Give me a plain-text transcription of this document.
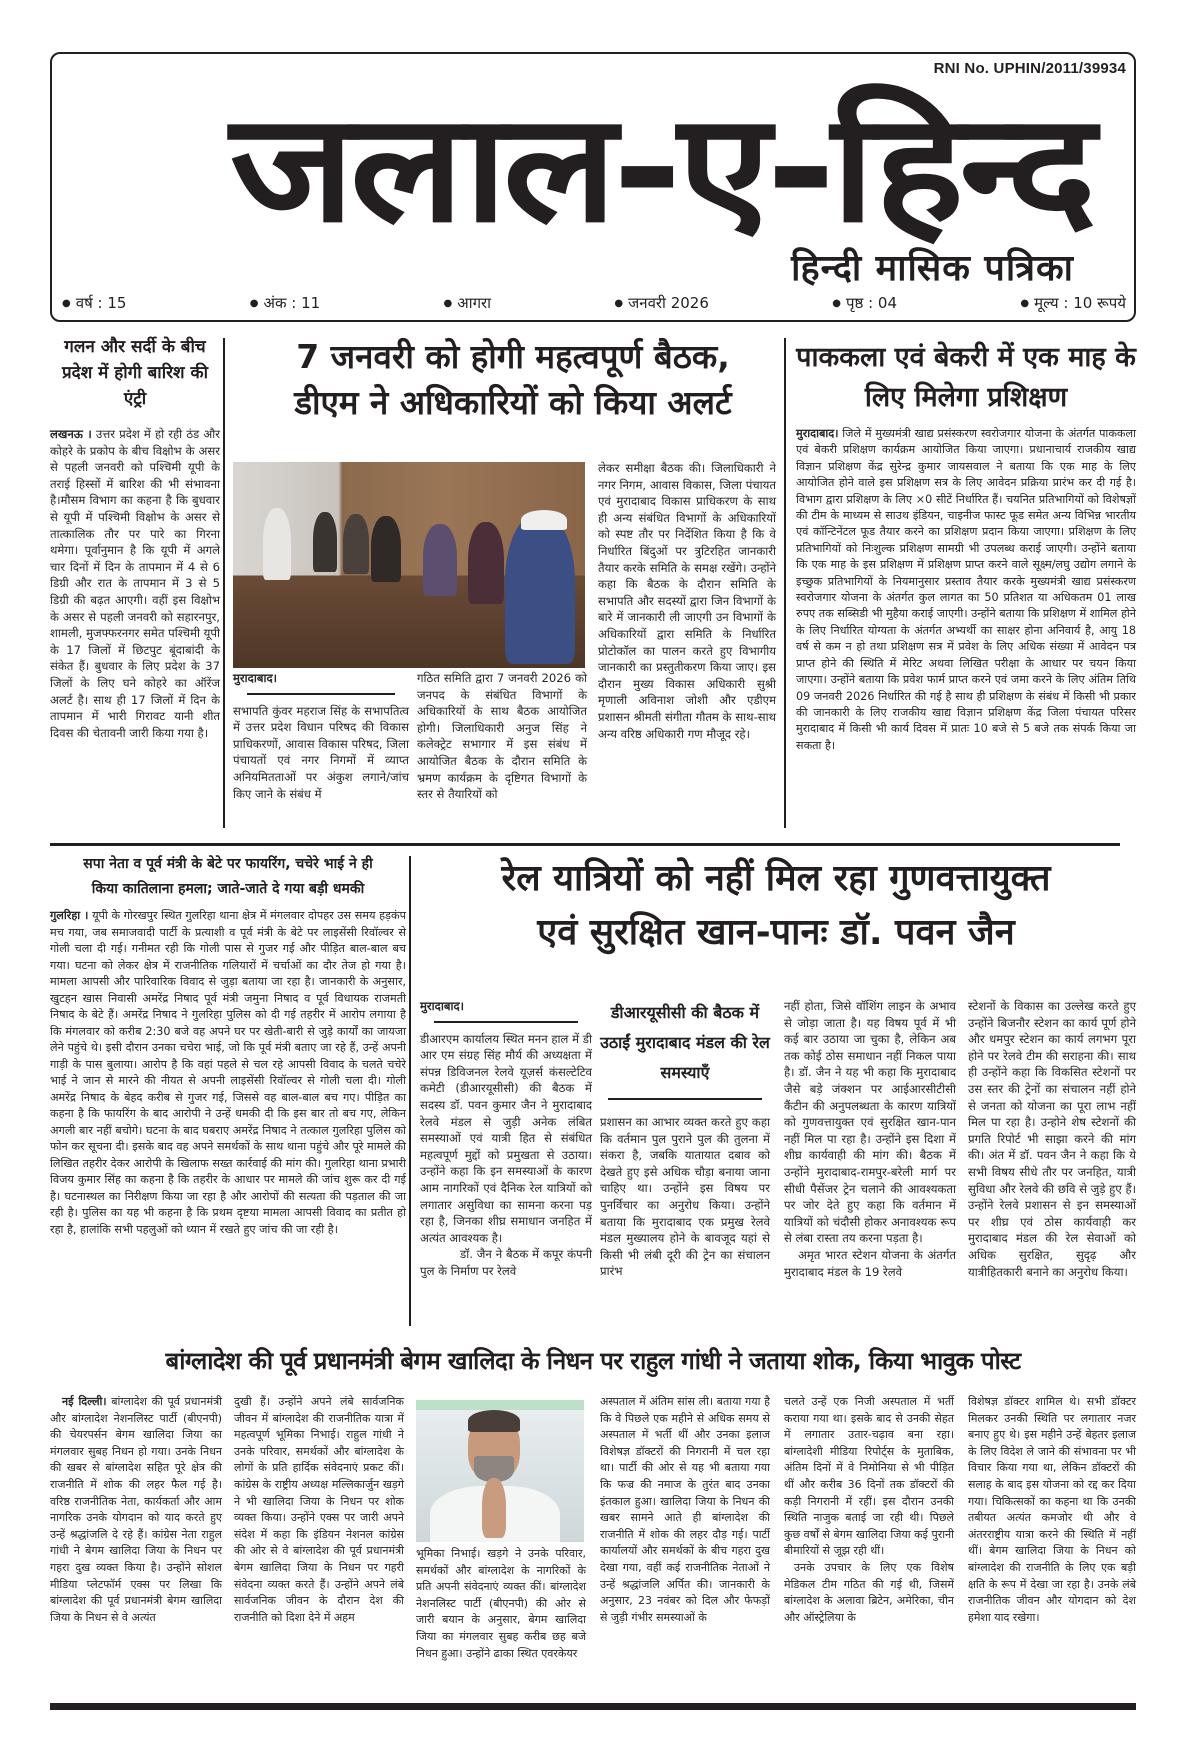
RNI No. UPHIN/2011/39934
जलाल-ए-हिन्द
हिन्दी मासिक पत्रिका
● वर्ष : 15	● अंक : 11	● आगरा	● जनवरी 2026	● पृष्ठ : 04	● मूल्य : 10 रूपये
गलन और सर्दी के बीच प्रदेश में होगी बारिश की एंट्री

लखनऊ । उत्तर प्रदेश में हो रही ठंड और कोहरे के प्रकोप के बीच विक्षोभ के असर से पहली जनवरी को पश्चिमी यूपी के तराई हिस्सों में बारिश की भी संभावना है।मौसम विभाग का कहना है कि बुधवार से यूपी में पश्चिमी विक्षोभ के असर से तात्कालिक तौर पर पारे का गिरना थमेगा। पूर्वानुमान है कि यूपी में अगले चार दिनों में दिन के तापमान में 4 से 6 डिग्री और रात के तापमान में 3 से 5 डिग्री की बढ़त आएगी। वहीं इस विक्षोभ के असर से पहली जनवरी को सहारनपुर, शामली, मुजफ्फरनगर समेत पश्चिमी यूपी के 17 जिलों में छिटपुट बूंदाबांदी के संकेत हैं। बुधवार के लिए प्रदेश के 37 जिलों के लिए घने कोहरे का ऑरेंज अलर्ट है। साथ ही 17 जिलों में दिन के तापमान में भारी गिरावट यानी शीत दिवस की चेतावनी जारी किया गया है।

7 जनवरी को होगी महत्वपूर्ण बैठक,
डीएम ने अधिकारियों को किया अलर्ट

मुरादाबाद।

सभापति कुंवर महराज सिंह के सभापतित्व में उत्तर प्रदेश विधान परिषद की विकास प्राधिकरणों, आवास विकास परिषद, जिला पंचायतों एवं नगर निगमों में व्याप्त अनियमितताओं पर अंकुश लगाने/जांच किए जाने के संबंध में

गठित समिति द्वारा 7 जनवरी 2026 को जनपद के संबंधित विभागों के अधिकारियों के साथ बैठक आयोजित होगी। जिलाधिकारी अनुज सिंह ने कलेक्ट्रेट सभागार में इस संबंध में आयोजित बैठक के दौरान समिति के भ्रमण कार्यक्रम के दृष्टिगत विभागों के स्तर से तैयारियों को

लेकर समीक्षा बैठक की। जिलाधिकारी ने नगर निगम, आवास विकास, जिला पंचायत एवं मुरादाबाद विकास प्राधिकरण के साथ ही अन्य संबंधित विभागों के अधिकारियों को स्पष्ट तौर पर निर्देशित किया है कि वे निर्धारित बिंदुओं पर त्रुटिरहित जानकारी तैयार करके समिति के समक्ष रखेंगे। उन्होंने कहा कि बैठक के दौरान समिति के सभापति और सदस्यों द्वारा जिन विभागों के बारे में जानकारी ली जाएगी उन विभागों के अधिकारियों द्वारा समिति के निर्धारित प्रोटोकॉल का पालन करते हुए विभागीय जानकारी का प्रस्तुतीकरण किया जाए। इस दौरान मुख्य विकास अधिकारी सुश्री मृणाली अविनाश जोशी और एडीएम प्रशासन श्रीमती संगीता गौतम के साथ-साथ अन्य वरिष्ठ अधिकारी गण मौजूद रहे।

पाककला एवं बेकरी में एक माह के लिए मिलेगा प्रशिक्षण

मुरादाबाद। जिले में मुख्यमंत्री खाद्य प्रसंस्करण स्वरोजगार योजना के अंतर्गत पाककला एवं बेकरी प्रशिक्षण कार्यक्रम आयोजित किया जाएगा। प्रधानाचार्य राजकीय खाद्य विज्ञान प्रशिक्षण केंद्र सुरेन्द्र कुमार जायसवाल ने बताया कि एक माह के लिए आयोजित होने वाले इस प्रशिक्षण सत्र के लिए आवेदन प्रक्रिया प्रारंभ कर दी गई है। विभाग द्वारा प्रशिक्षण के लिए ×0 सीटें निर्धारित हैं। चयनित प्रतिभागियों को विशेषज्ञों की टीम के माध्यम से साउथ इंडियन, चाइनीज फास्ट फूड समेत अन्य विभिन्न भारतीय एवं कॉन्टिनेंटल फूड तैयार करने का प्रशिक्षण प्रदान किया जाएगा। प्रशिक्षण के लिए प्रतिभागियों को निःशुल्क प्रशिक्षण सामग्री भी उपलब्ध कराई जाएगी। उन्होंने बताया कि एक माह के इस प्रशिक्षण में प्रशिक्षण प्राप्त करने वाले सूक्ष्म/लघु उद्योग लगाने के इच्छुक प्रतिभागियों के नियमानुसार प्रस्ताव तैयार करके मुख्यमंत्री खाद्य प्रसंस्करण स्वरोजगार योजना के अंतर्गत कुल लागत का 50 प्रतिशत या अधिकतम 01 लाख रुपए तक सब्सिडी भी मुहैया कराई जाएगी। उन्होंने बताया कि प्रशिक्षण में शामिल होने के लिए निर्धारित योग्यता के अंतर्गत अभ्यर्थी का साक्षर होना अनिवार्य है, आयु 18 वर्ष से कम न हो तथा प्रशिक्षण सत्र में प्रवेश के लिए अधिक संख्या में आवेदन पत्र प्राप्त होने की स्थिति में मेरिट अथवा लिखित परीक्षा के आधार पर चयन किया जाएगा। उन्होंने बताया कि प्रवेश फार्म प्राप्त करने एवं जमा करने के लिए अंतिम तिथि 09 जनवरी 2026 निर्धारित की गई है साथ ही प्रशिक्षण के संबंध में किसी भी प्रकार की जानकारी के लिए राजकीय खाद्य विज्ञान प्रशिक्षण केंद्र जिला पंचायत परिसर मुरादाबाद में किसी भी कार्य दिवस में प्रातः 10 बजे से 5 बजे तक संपर्क किया जा सकता है।

सपा नेता व पूर्व मंत्री के बेटे पर फायरिंग, चचेरे भाई ने ही
किया कातिलाना हमला; जाते-जाते दे गया बड़ी धमकी

गुलरिहा । यूपी के गोरखपुर स्थित गुलरिहा थाना क्षेत्र में मंगलवार दोपहर उस समय हड़कंप मच गया, जब समाजवादी पार्टी के प्रत्याशी व पूर्व मंत्री के बेटे पर लाइसेंसी रिवॉल्वर से गोली चला दी गई। गनीमत रही कि गोली पास से गुजर गई और पीड़ित बाल-बाल बच गया। घटना को लेकर क्षेत्र में राजनीतिक गलियारों में चर्चाओं का दौर तेज हो गया है। मामला आपसी और पारिवारिक विवाद से जुड़ा बताया जा रहा है। जानकारी के अनुसार, खुटहन खास निवासी अमरेंद्र निषाद पूर्व मंत्री जमुना निषाद व पूर्व विधायक राजमती निषाद के बेटे हैं। अमरेंद्र निषाद ने गुलरिहा पुलिस को दी गई तहरीर में आरोप लगाया है कि मंगलवार को करीब 2:30 बजे वह अपने घर पर खेती-बारी से जुड़े कार्यों का जायजा लेने पहुंचे थे। इसी दौरान उनका चचेरा भाई, जो कि पूर्व मंत्री बताए जा रहे हैं, उन्हें अपनी गाड़ी के पास बुलाया। आरोप है कि वहां पहले से चल रहे आपसी विवाद के चलते चचेरे भाई ने जान से मारने की नीयत से अपनी लाइसेंसी रिवॉल्वर से गोली चला दी। गोली अमरेंद्र निषाद के बेहद करीब से गुजर गई, जिससे वह बाल-बाल बच गए। पीड़ित का कहना है कि फायरिंग के बाद आरोपी ने उन्हें धमकी दी कि इस बार तो बच गए, लेकिन अगली बार नहीं बचोगे। घटना के बाद घबराए अमरेंद्र निषाद ने तत्काल गुलरिहा पुलिस को फोन कर सूचना दी। इसके बाद वह अपने समर्थकों के साथ थाना पहुंचे और पूरे मामले की लिखित तहरीर देकर आरोपी के खिलाफ सख्त कार्रवाई की मांग की। गुलरिहा थाना प्रभारी विजय कुमार सिंह का कहना है कि तहरीर के आधार पर मामले की जांच शुरू कर दी गई है। घटनास्थल का निरीक्षण किया जा रहा है और आरोपों की सत्यता की पड़ताल की जा रही है। पुलिस का यह भी कहना है कि प्रथम दृष्टया मामला आपसी विवाद का प्रतीत हो रहा है, हालांकि सभी पहलुओं को ध्यान में रखते हुए जांच की जा रही है।

रेल यात्रियों को नहीं मिल रहा गुणवत्तायुक्त
एवं सुरक्षित खान-पानः डॉ. पवन जैन

मुरादाबाद।

डीआरएम कार्यालय स्थित मनन हाल में डी आर एम संग्रह सिंह मौर्य की अध्यक्षता में संपन्न डिविजनल रेलवे यूज़र्स कंसल्टेटिव कमेटी (डीआरयूसीसी) की बैठक में सदस्य डॉ. पवन कुमार जैन ने मुरादाबाद रेलवे मंडल से जुड़ी अनेक लंबित समस्याओं एवं यात्री हित से संबंधित महत्वपूर्ण मुद्दों को प्रमुखता से उठाया। उन्होंने कहा कि इन समस्याओं के कारण आम नागरिकों एवं दैनिक रेल यात्रियों को लगातार असुविधा का सामना करना पड़ रहा है, जिनका शीघ्र समाधान जनहित में अत्यंत आवश्यक है।

डॉ. जैन ने बैठक में कपूर कंपनी पुल के निर्माण पर रेलवे

डीआरयूसीसी की बैठक में उठाईं मुरादाबाद मंडल की रेल समस्याएँ

प्रशासन का आभार व्यक्त करते हुए कहा कि वर्तमान पुल पुराने पुल की तुलना में संकरा है, जबकि यातायात दबाव को देखते हुए इसे अधिक चौड़ा बनाया जाना चाहिए था। उन्होंने इस विषय पर पुनर्विचार का अनुरोध किया। उन्होंने बताया कि मुरादाबाद एक प्रमुख रेलवे मंडल मुख्यालय होने के बावजूद यहां से किसी भी लंबी दूरी की ट्रेन का संचालन प्रारंभ

नहीं होता, जिसे वॉशिंग लाइन के अभाव से जोड़ा जाता है। यह विषय पूर्व में भी कई बार उठाया जा चुका है, लेकिन अब तक कोई ठोस समाधान नहीं निकल पाया है। डॉ. जैन ने यह भी कहा कि मुरादाबाद जैसे बड़े जंक्शन पर आईआरसीटीसी कैंटीन की अनुपलब्धता के कारण यात्रियों को गुणवत्तायुक्त एवं सुरक्षित खान-पान नहीं मिल पा रहा है। उन्होंने इस दिशा में शीघ्र कार्यवाही की मांग की। बैठक में उन्होंने मुरादाबाद-रामपुर-बरेली मार्ग पर सीधी पैसेंजर ट्रेन चलाने की आवश्यकता पर जोर देते हुए कहा कि वर्तमान में यात्रियों को चंदौसी होकर अनावश्यक रूप से लंबा रास्ता तय करना पड़ता है।

अमृत भारत स्टेशन योजना के अंतर्गत मुरादाबाद मंडल के 19 रेलवे

स्टेशनों के विकास का उल्लेख करते हुए उन्होंने बिजनौर स्टेशन का कार्य पूर्ण होने और धमपुर स्टेशन का कार्य लगभग पूरा होने पर रेलवे टीम की सराहना की। साथ ही उन्होंने कहा कि विकसित स्टेशनों पर उस स्तर की ट्रेनों का संचालन नहीं होने से जनता को योजना का पूरा लाभ नहीं मिल पा रहा है। उन्होने शेष स्टेशनों की प्रगति रिपोर्ट भी साझा करने की मांग की। अंत में डॉ. पवन जैन ने कहा कि ये सभी विषय सीधे तौर पर जनहित, यात्री सुविधा और रेलवे की छवि से जुड़े हुए हैं। उन्होंने रेलवे प्रशासन से इन समस्याओं पर शीघ्र एवं ठोस कार्यवाही कर मुरादाबाद मंडल की रेल सेवाओं को अधिक सुरक्षित, सुदृढ़ और यात्रीहितकारी बनाने का अनुरोध किया।

बांग्लादेश की पूर्व प्रधानमंत्री बेगम खालिदा के निधन पर राहुल गांधी ने जताया शोक, किया भावुक पोस्ट

नई दिल्ली। बांग्लादेश की पूर्व प्रधानमंत्री और बांग्लादेश नेशनलिस्ट पार्टी (बीएनपी) की चेयरपर्सन बेगम खालिदा जिया का मंगलवार सुबह निधन हो गया। उनके निधन की खबर से बांग्लादेश सहित पूरे क्षेत्र की राजनीति में शोक की लहर फैल गई है। वरिष्ठ राजनीतिक नेता, कार्यकर्ता और आम नागरिक उनके योगदान को याद करते हुए उन्हें श्रद्धांजलि दे रहे हैं। कांग्रेस नेता राहुल गांधी ने बेगम खालिदा जिया के निधन पर गहरा दुख व्यक्त किया है। उन्होंने सोशल मीडिया प्लेटफॉर्म एक्स पर लिखा कि बांग्लादेश की पूर्व प्रधानमंत्री बेगम खालिदा जिया के निधन से वे अत्यंत

दुखी हैं। उन्होंने अपने लंबे सार्वजनिक जीवन में बांग्लादेश की राजनीतिक यात्रा में महत्वपूर्ण भूमिका निभाई। राहुल गांधी ने उनके परिवार, समर्थकों और बांग्लादेश के लोगों के प्रति हार्दिक संवेदनाएं प्रकट कीं। कांग्रेस के राष्ट्रीय अध्यक्ष मल्लिकार्जुन खड़गे ने भी खालिदा जिया के निधन पर शोक व्यक्त किया। उन्होंने एक्स पर जारी अपने संदेश में कहा कि इंडियन नेशनल कांग्रेस की ओर से वे बांग्लादेश की पूर्व प्रधानमंत्री बेगम खालिदा जिया के निधन पर गहरी संवेदना व्यक्त करते हैं। उन्होंने अपने लंबे सार्वजनिक जीवन के दौरान देश की राजनीति को दिशा देने में अहम

भूमिका निभाई। खड़गे ने उनके परिवार, समर्थकों और बांग्लादेश के नागरिकों के प्रति अपनी संवेदनाएं व्यक्त कीं। बांग्लादेश नेशनलिस्ट पार्टी (बीएनपी) की ओर से जारी बयान के अनुसार, बेगम खालिदा जिया का मंगलवार सुबह करीब छह बजे निधन हुआ। उन्होंने ढाका स्थित एवरकेयर

अस्पताल में अंतिम सांस ली। बताया गया है कि वे पिछले एक महीने से अधिक समय से अस्पताल में भर्ती थीं और उनका इलाज विशेषज्ञ डॉक्टरों की निगरानी में चल रहा था। पार्टी की ओर से यह भी बताया गया कि फज्र की नमाज के तुरंत बाद उनका इंतकाल हुआ। खालिदा जिया के निधन की खबर सामने आते ही बांग्लादेश की राजनीति में शोक की लहर दौड़ गई। पार्टी कार्यालयों और समर्थकों के बीच गहरा दुख देखा गया, वहीं कई राजनीतिक नेताओं ने उन्हें श्रद्धांजलि अर्पित की। जानकारी के अनुसार, 23 नवंबर को दिल और फेफड़ों से जुड़ी गंभीर समस्याओं के

चलते उन्हें एक निजी अस्पताल में भर्ती कराया गया था। इसके बाद से उनकी सेहत में लगातार उतार-चढ़ाव बना रहा। बांग्लादेशी मीडिया रिपोर्ट्स के मुताबिक, अंतिम दिनों में वे निमोनिया से भी पीड़ित थीं और करीब 36 दिनों तक डॉक्टरों की कड़ी निगरानी में रहीं। इस दौरान उनकी स्थिति नाजुक बताई जा रही थी। पिछले कुछ वर्षों से बेगम खालिदा जिया कई पुरानी बीमारियों से जूझ रही थीं।

उनके उपचार के लिए एक विशेष मेडिकल टीम गठित की गई थी, जिसमें बांग्लादेश के अलावा ब्रिटेन, अमेरिका, चीन और ऑस्ट्रेलिया के

विशेषज्ञ डॉक्टर शामिल थे। सभी डॉक्टर मिलकर उनकी स्थिति पर लगातार नजर बनाए हुए थे। इस महीने उन्हें बेहतर इलाज के लिए विदेश ले जाने की संभावना पर भी विचार किया गया था, लेकिन डॉक्टरों की सलाह के बाद इस योजना को रद्द कर दिया गया। चिकित्सकों का कहना था कि उनकी तबीयत अत्यंत कमजोर थी और वे अंतरराष्ट्रीय यात्रा करने की स्थिति में नहीं थीं। बेगम खालिदा जिया के निधन को बांग्लादेश की राजनीति के लिए एक बड़ी क्षति के रूप में देखा जा रहा है। उनके लंबे राजनीतिक जीवन और योगदान को देश हमेशा याद रखेगा।
